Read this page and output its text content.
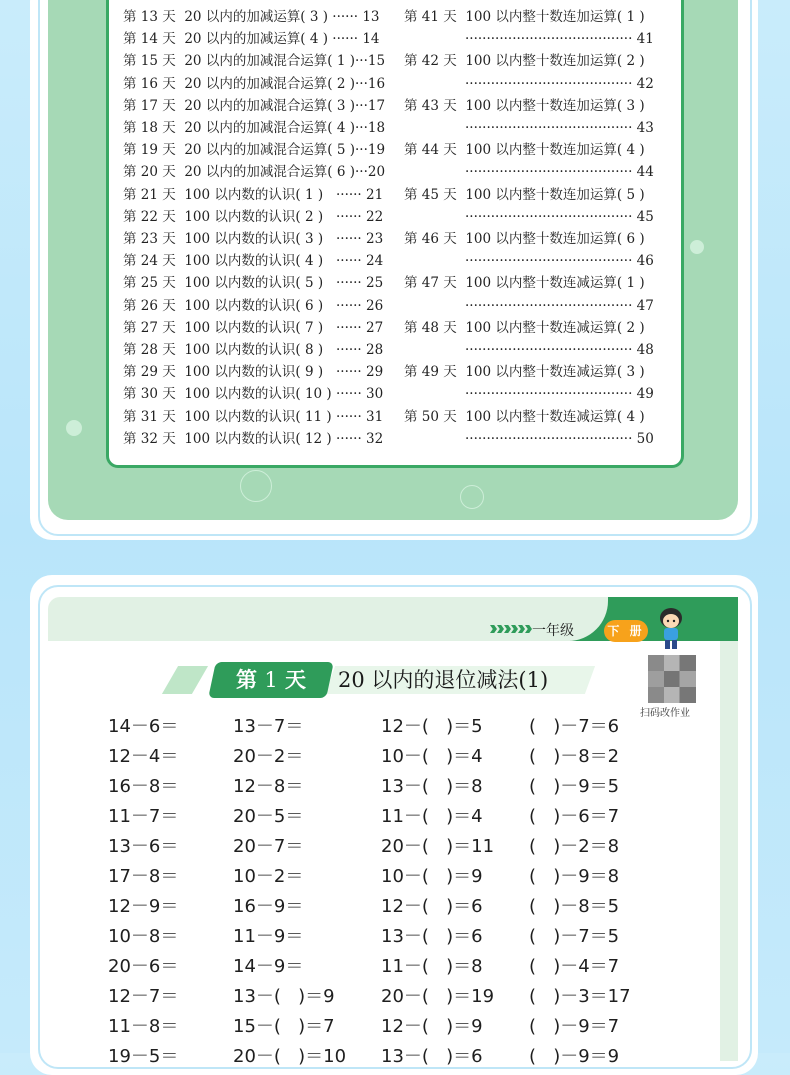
第 13 天  20 以内的加减运算( 3 ) ······ 13
第 14 天  20 以内的加减运算( 4 ) ······ 14
第 15 天  20 以内的加减混合运算( 1 )···15
第 16 天  20 以内的加减混合运算( 2 )···16
第 17 天  20 以内的加减混合运算( 3 )···17
第 18 天  20 以内的加减混合运算( 4 )···18
第 19 天  20 以内的加减混合运算( 5 )···19
第 20 天  20 以内的加减混合运算( 6 )···20
第 21 天  100 以内数的认识( 1 )   ······ 21
第 22 天  100 以内数的认识( 2 )   ······ 22
第 23 天  100 以内数的认识( 3 )   ······ 23
第 24 天  100 以内数的认识( 4 )   ······ 24
第 25 天  100 以内数的认识( 5 )   ······ 25
第 26 天  100 以内数的认识( 6 )   ······ 26
第 27 天  100 以内数的认识( 7 )   ······ 27
第 28 天  100 以内数的认识( 8 )   ······ 28
第 29 天  100 以内数的认识( 9 )   ······ 29
第 30 天  100 以内数的认识( 10 ) ······ 30
第 31 天  100 以内数的认识( 11 ) ······ 31
第 32 天  100 以内数的认识( 12 ) ······ 32
第 41 天  100 以内整十数连加运算( 1 )
······································· 41
第 42 天  100 以内整十数连加运算( 2 )
······································· 42
第 43 天  100 以内整十数连加运算( 3 )
······································· 43
第 44 天  100 以内整十数连加运算( 4 )
······································· 44
第 45 天  100 以内整十数连加运算( 5 )
······································· 45
第 46 天  100 以内整十数连加运算( 6 )
······································· 46
第 47 天  100 以内整十数连减运算( 1 )
······································· 47
第 48 天  100 以内整十数连减运算( 2 )
······································· 48
第 49 天  100 以内整十数连减运算( 3 )
······································· 49
第 50 天  100 以内整十数连减运算( 4 )
······································· 50
一年级	下 册
第 1 天	20 以内的退位减法(1)
扫码改作业
14－6＝
12－4＝
16－8＝
11－7＝
13－6＝
17－8＝
12－9＝
10－8＝
20－6＝
12－7＝
11－8＝
19－5＝
13－7＝
20－2＝
12－8＝
20－5＝
20－7＝
10－2＝
16－9＝
11－9＝
14－9＝
13－(   )＝9
15－(   )＝7
20－(   )＝10
12－(   )＝5
10－(   )＝4
13－(   )＝8
11－(   )＝4
20－(   )＝11
10－(   )＝9
12－(   )＝6
13－(   )＝6
11－(   )＝8
20－(   )＝19
12－(   )＝9
13－(   )＝6
(   )－7＝6
(   )－8＝2
(   )－9＝5
(   )－6＝7
(   )－2＝8
(   )－9＝8
(   )－8＝5
(   )－7＝5
(   )－4＝7
(   )－3＝17
(   )－9＝7
(   )－9＝9
